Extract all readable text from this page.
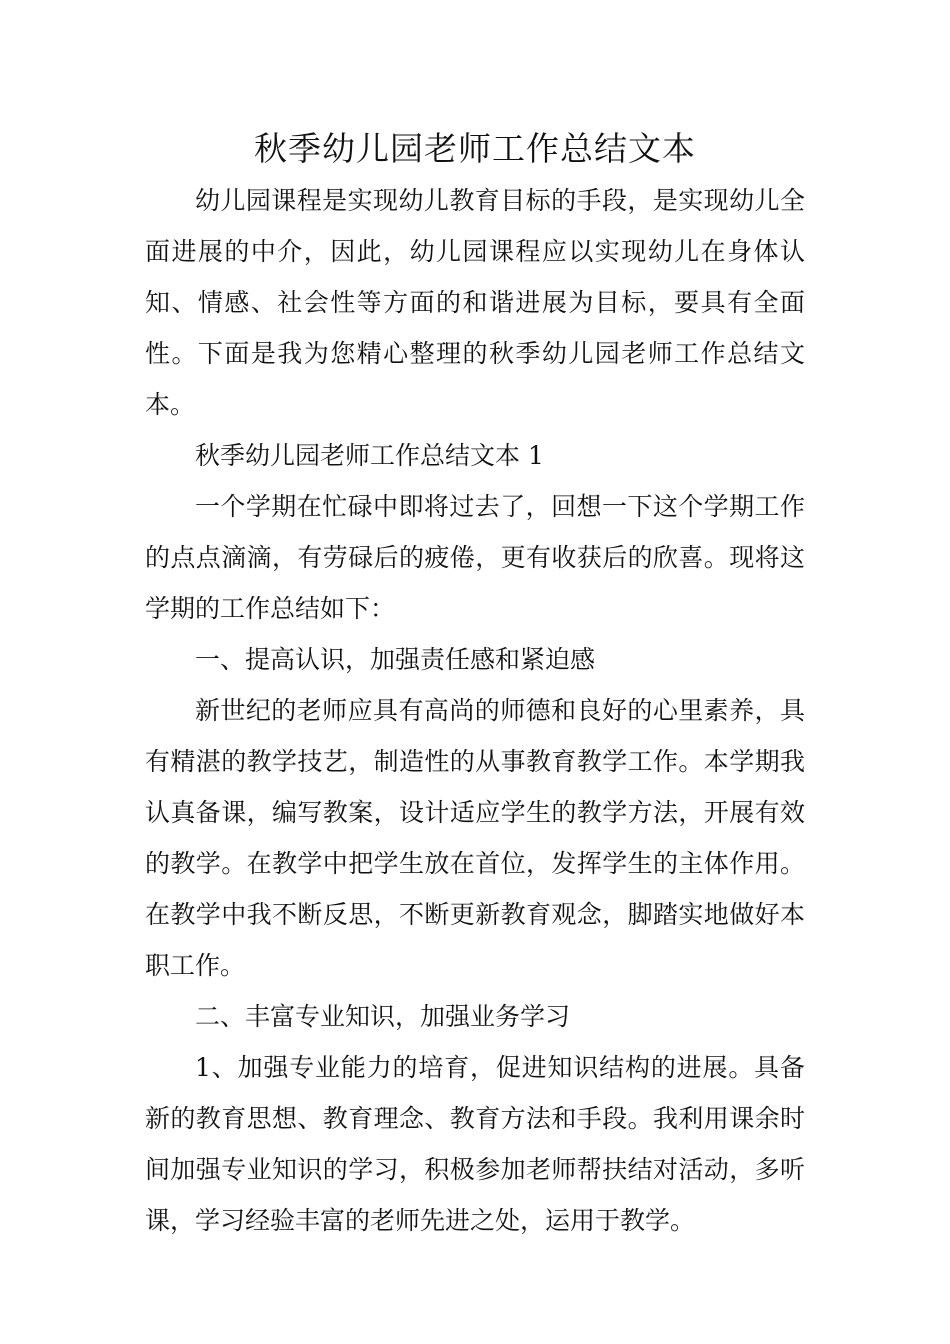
秋季幼儿园老师工作总结文本

幼儿园课程是实现幼儿教育目标的手段，是实现幼儿全面进展的中介，因此，幼儿园课程应以实现幼儿在身体认知、情感、社会性等方面的和谐进展为目标，要具有全面性。下面是我为您精心整理的秋季幼儿园老师工作总结文本。

秋季幼儿园老师工作总结文本 1

一个学期在忙碌中即将过去了，回想一下这个学期工作的点点滴滴，有劳碌后的疲倦，更有收获后的欣喜。现将这学期的工作总结如下：

一、提高认识，加强责任感和紧迫感

新世纪的老师应具有高尚的师德和良好的心里素养，具有精湛的教学技艺，制造性的从事教育教学工作。本学期我认真备课，编写教案，设计适应学生的教学方法，开展有效的教学。在教学中把学生放在首位，发挥学生的主体作用。在教学中我不断反思，不断更新教育观念，脚踏实地做好本职工作。

二、丰富专业知识，加强业务学习

1、加强专业能力的培育，促进知识结构的进展。具备新的教育思想、教育理念、教育方法和手段。我利用课余时间加强专业知识的学习，积极参加老师帮扶结对活动，多听课，学习经验丰富的老师先进之处，运用于教学。
